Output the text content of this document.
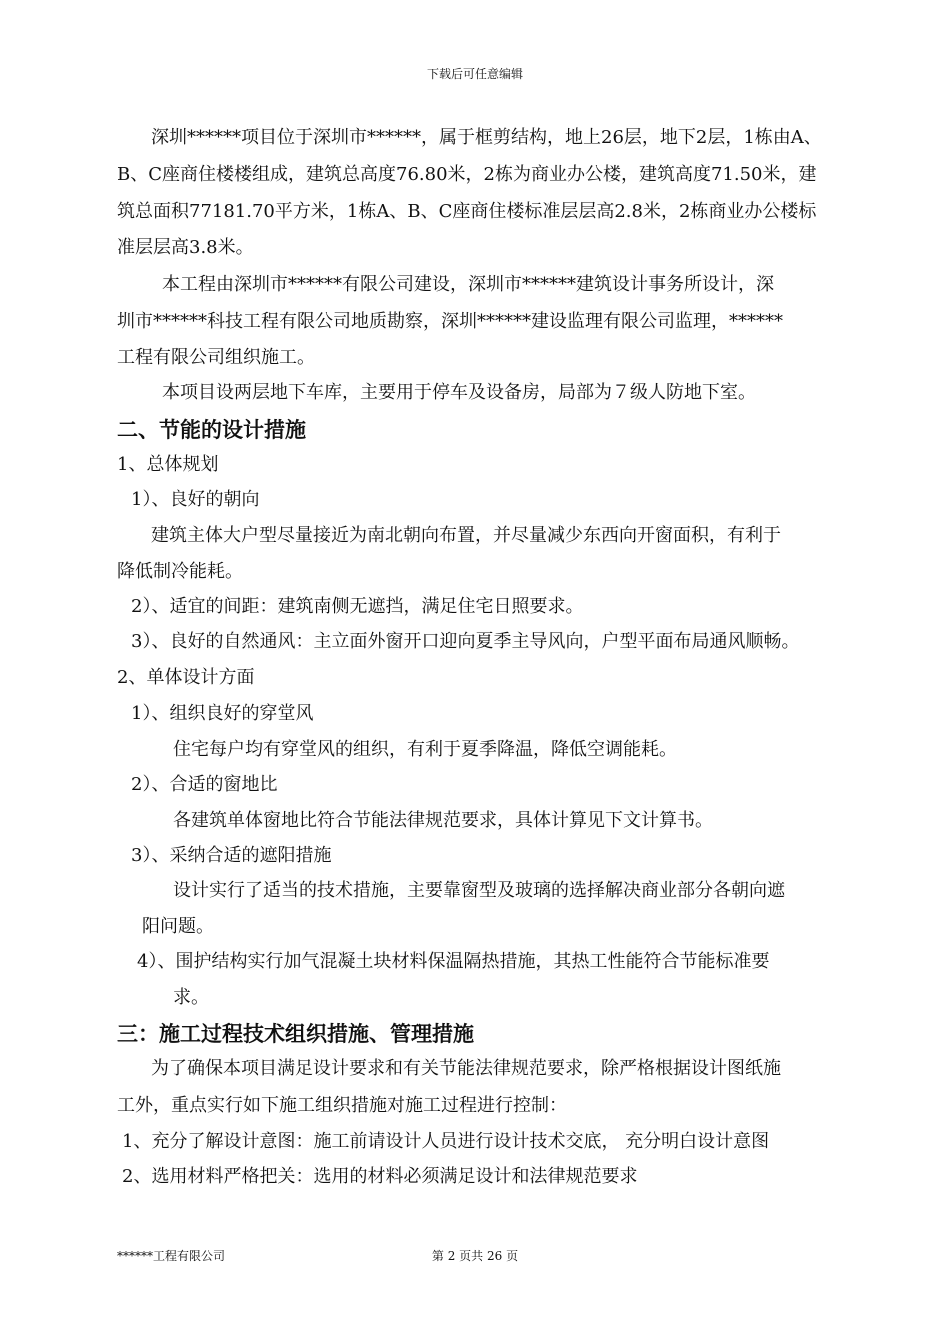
下载后可任意编辑
深圳******项目位于深圳市******，属于框剪结构，地上26层，地下2层，1栋由A、
B、C座商住楼楼组成，建筑总高度76.80米，2栋为商业办公楼，建筑高度71.50米，建
筑总面积77181.70平方米，1栋A、B、C座商住楼标准层层高2.8米，2栋商业办公楼标
准层层高3.8米。
本工程由深圳市******有限公司建设，深圳市******建筑设计事务所设计，深
圳市******科技工程有限公司地质勘察，深圳******建设监理有限公司监理，******
工程有限公司组织施工。
本项目设两层地下车库，主要用于停车及设备房，局部为７级人防地下室。
二、节能的设计措施
1、总体规划
1）、良好的朝向
建筑主体大户型尽量接近为南北朝向布置，并尽量减少东西向开窗面积，有利于
降低制冷能耗。
2）、适宜的间距：建筑南侧无遮挡，满足住宅日照要求。
3）、良好的自然通风：主立面外窗开口迎向夏季主导风向，户型平面布局通风顺畅。
2、单体设计方面
1）、组织良好的穿堂风
住宅每户均有穿堂风的组织，有利于夏季降温，降低空调能耗。
2）、合适的窗地比
各建筑单体窗地比符合节能法律规范要求，具体计算见下文计算书。
3）、采纳合适的遮阳措施
设计实行了适当的技术措施，主要靠窗型及玻璃的选择解决商业部分各朝向遮
阳问题。
4）、围护结构实行加气混凝土块材料保温隔热措施，其热工性能符合节能标准要
求。
三：施工过程技术组织措施、管理措施
为了确保本项目满足设计要求和有关节能法律规范要求，除严格根据设计图纸施
工外，重点实行如下施工组织措施对施工过程进行控制：
1、充分了解设计意图：施工前请设计人员进行设计技术交底， 充分明白设计意图
2、选用材料严格把关：选用的材料必须满足设计和法律规范要求
******工程有限公司	第 2 页共 26 页
